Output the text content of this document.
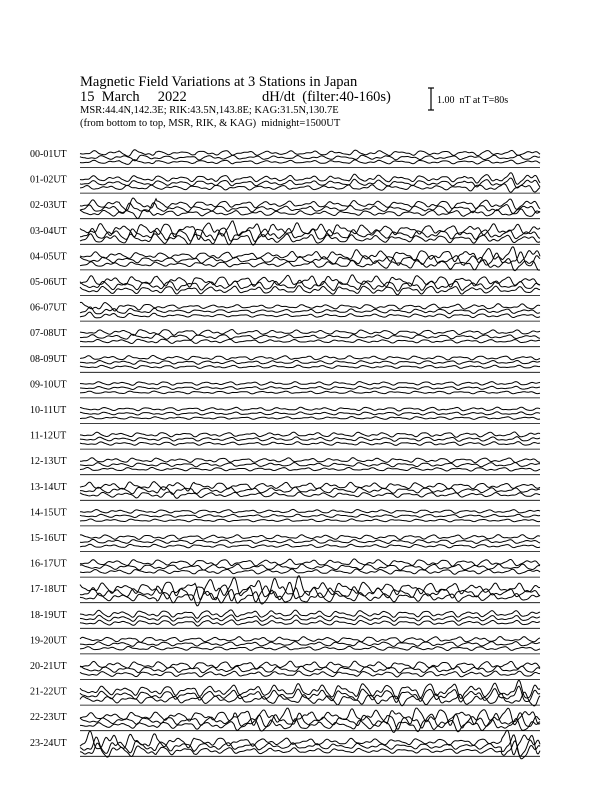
Magnetic Field Variations at 3 Stations in Japan
15  March     2022	dH/dt  (filter:40-160s)
MSR:44.4N,142.3E; RIK:43.5N,143.8E; KAG:31.5N,130.7E
(from bottom to top, MSR, RIK, & KAG)  midnight=1500UT
1.00  nT at T=80s
00-01UT
01-02UT
02-03UT
03-04UT
04-05UT
05-06UT
06-07UT
07-08UT
08-09UT
09-10UT
10-11UT
11-12UT
12-13UT
13-14UT
14-15UT
15-16UT
16-17UT
17-18UT
18-19UT
19-20UT
20-21UT
21-22UT
22-23UT
23-24UT
